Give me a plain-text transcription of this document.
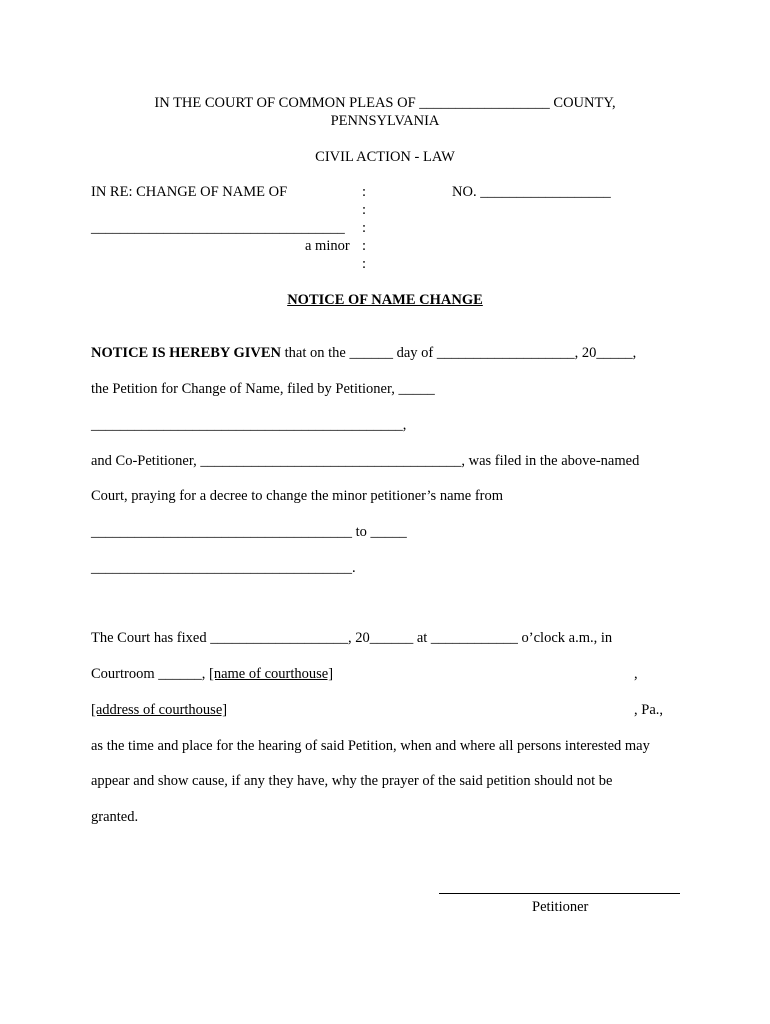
IN THE COURT OF COMMON PLEAS OF __________________ COUNTY,
PENNSYLVANIA
CIVIL ACTION - LAW
IN RE: CHANGE OF NAME OF	:	NO. __________________
:
___________________________________ :
a minor :
:
NOTICE OF NAME CHANGE
NOTICE IS HEREBY GIVEN that on the ______ day of ___________________, 20_____,
the Petition for Change of Name, filed by Petitioner, _____
___________________________________________,
and Co-Petitioner, ____________________________________, was filed in the above-named
Court, praying for a decree to change the minor petitioner’s name from
____________________________________ to _____
____________________________________.
The Court has fixed ___________________, 20______ at ____________ o’clock a.m., in
Courtroom ______, [name of courthouse]	,
[address of courthouse]	, Pa.,
as the time and place for the hearing of said Petition, when and where all persons interested may
appear and show cause, if any they have, why the prayer of the said petition should not be
granted.
Petitioner
